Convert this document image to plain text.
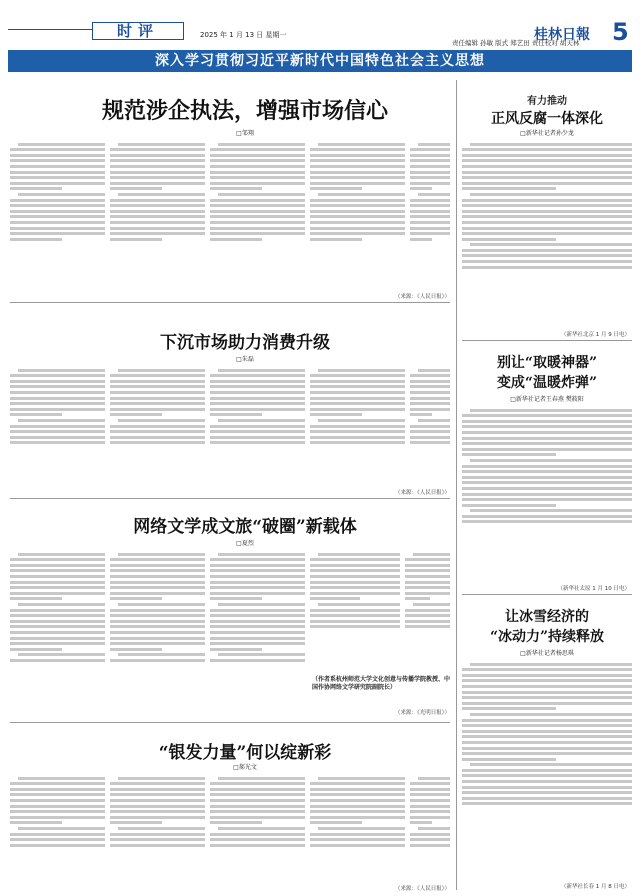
时评	2025 年 1 月 13 日 星期一	桂林日報 5
责任编辑 孙敏 版式 郑艺田 责任校对 胡天林
深入学习贯彻习近平新时代中国特色社会主义思想
规范涉企执法，增强市场信心
□邹翔
（来源：《人民日报》）
下沉市场助力消费升级
□朱磊
（来源：《人民日报》）
网络文学成文旅“破圈”新载体
□夏烈
（作者系杭州师范大学文化创意与传播学院教授、中国作协网络文学研究院副院长）
（来源：《光明日报》）
“银发力量”何以绽新彩
□郝光文
（来源：《人民日报》）
有力推动
正风反腐一体深化
□新华社记者孙少龙
（新华社北京 1 月 9 日电）
别让“取暖神器”
变成“温暖炸弹”
□新华社记者王春燕 樊筱阳
（新华社太原 1 月 10 日电）
让冰雪经济的
“冰动力”持续释放
□新华社记者杨思琪
（新华社长春 1 月 8 日电）
